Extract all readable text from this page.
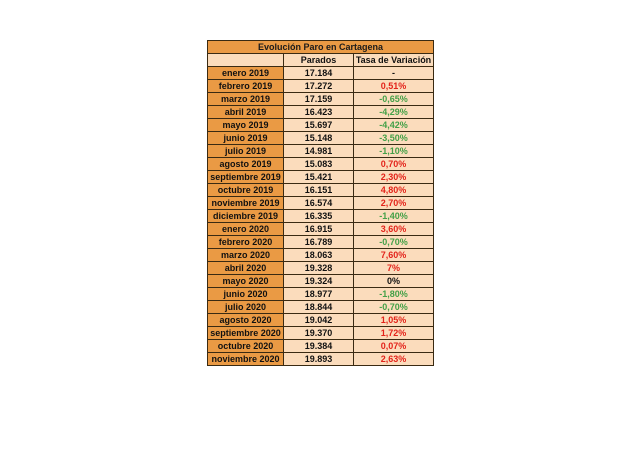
Evolución Paro en Cartagena		
	Parados	Tasa de Variación
enero 2019	17.184	-
febrero 2019	17.272	0,51%
marzo 2019	17.159	-0,65%
abril 2019	16.423	-4,29%
mayo 2019	15.697	-4,42%
junio 2019	15.148	-3,50%
julio 2019	14.981	-1,10%
agosto 2019	15.083	0,70%
septiembre 2019	15.421	2,30%
octubre 2019	16.151	4,80%
noviembre 2019	16.574	2,70%
diciembre 2019	16.335	-1,40%
enero 2020	16.915	3,60%
febrero 2020	16.789	-0,70%
marzo 2020	18.063	7,60%
abril 2020	19.328	7%
mayo 2020	19.324	0%
junio 2020	18.977	-1,80%
julio 2020	18.844	-0,70%
agosto 2020	19.042	1,05%
septiembre 2020	19.370	1,72%
octubre 2020	19.384	0,07%
noviembre 2020	19.893	2,63%
